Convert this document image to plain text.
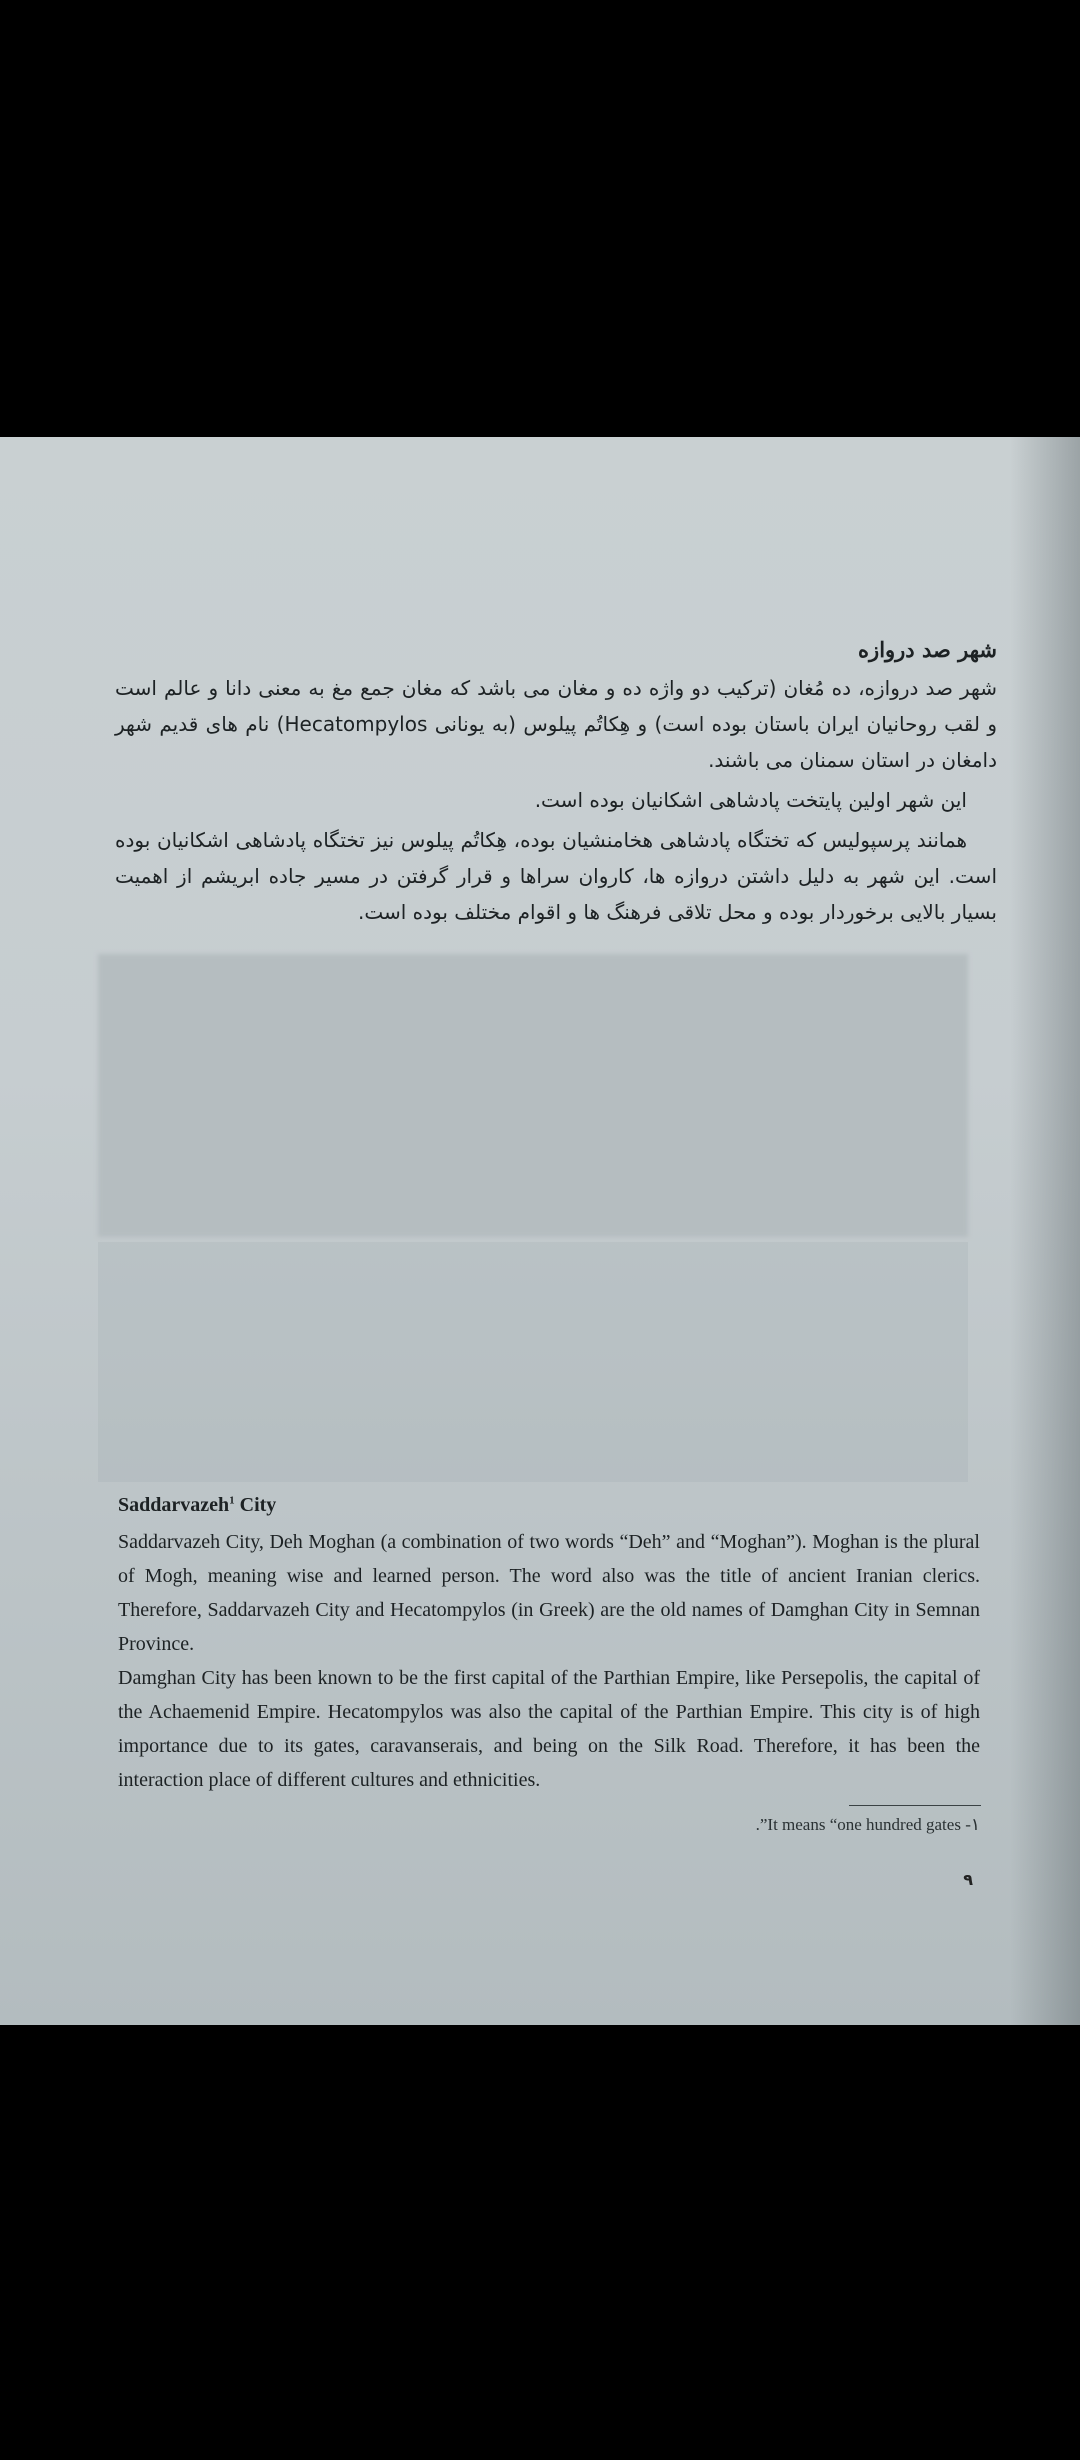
شهر صد دروازه
شهر صد دروازه، ده مُغان (ترکیب دو واژه ده و مغان می باشد که مغان جمع مغ به معنی دانا و عالم است و لقب روحانیان ایران باستان بوده است) و هِکاتُم پیلوس (به یونانی Hecatompylos) نام های قدیم شهر دامغان در استان سمنان می باشند.
این شهر اولین پایتخت پادشاهی اشکانیان بوده است.
همانند پرسپولیس که تختگاه پادشاهی هخامنشیان بوده، هِکاتُم پیلوس نیز تختگاه پادشاهی اشکانیان بوده است. این شهر به دلیل داشتن دروازه ها، کاروان سراها و قرار گرفتن در مسیر جاده ابریشم از اهمیت بسیار بالایی برخوردار بوده و محل تلاقی فرهنگ ها و اقوام مختلف بوده است.
Saddarvazeh$^1$ City
Saddarvazeh City, Deh Moghan (a combination of two words “Deh” and “Moghan”). Moghan is the plural of Mogh, meaning wise and learned person. The word also was the title of ancient Iranian clerics. Therefore, Saddarvazeh City and Hecatompylos (in Greek) are the old names of Damghan City in Semnan Province.
Damghan City has been known to be the first capital of the Parthian Empire, like Persepolis, the capital of the Achaemenid Empire. Hecatompylos was also the capital of the Parthian Empire. This city is of high importance due to its gates, caravanserais, and being on the Silk Road. Therefore, it has been the interaction place of different cultures and ethnicities.
.”It means “one hundred gates -۱
۹
